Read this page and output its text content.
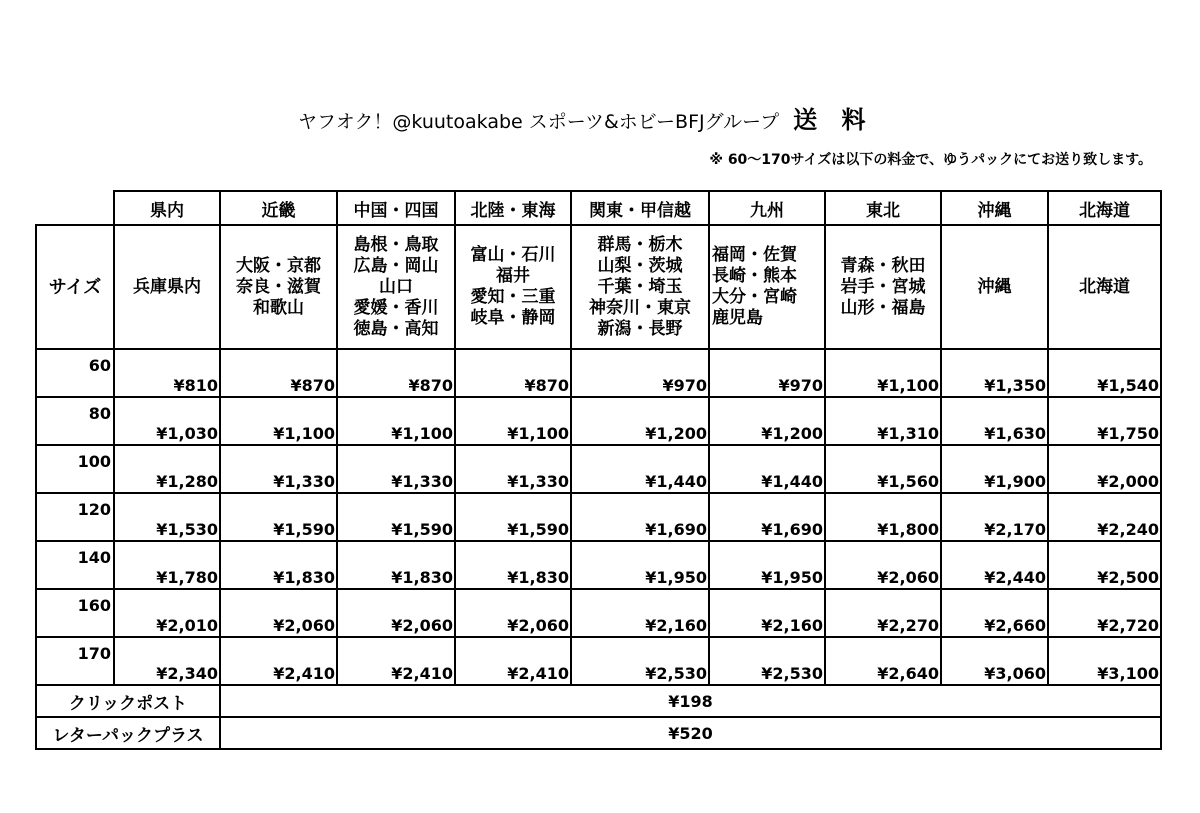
ヤフオク！@kuutoakabe スポーツ&ホビーBFJグループ 送 料
※ 60〜170サイズは以下の料金で、ゆうパックにてお送り致します。
	県内	近畿	中国・四国	北陸・東海	関東・甲信越	九州	東北	沖縄	北海道
サイズ	兵庫県内	大阪・京都
奈良・滋賀
和歌山	島根・鳥取
広島・岡山
山口
愛媛・香川
徳島・高知	富山・石川
福井
愛知・三重
岐阜・静岡	群馬・栃木
山梨・茨城
千葉・埼玉
神奈川・東京
新潟・長野	福岡・佐賀
長崎・熊本
大分・宮崎
鹿児島	青森・秋田
岩手・宮城
山形・福島	沖縄	北海道

60	¥810	¥870	¥870	¥870	¥970	¥970	¥1,100	¥1,350	¥1,540
80	¥1,030	¥1,100	¥1,100	¥1,100	¥1,200	¥1,200	¥1,310	¥1,630	¥1,750
100	¥1,280	¥1,330	¥1,330	¥1,330	¥1,440	¥1,440	¥1,560	¥1,900	¥2,000
120	¥1,530	¥1,590	¥1,590	¥1,590	¥1,690	¥1,690	¥1,800	¥2,170	¥2,240
140	¥1,780	¥1,830	¥1,830	¥1,830	¥1,950	¥1,950	¥2,060	¥2,440	¥2,500
160	¥2,010	¥2,060	¥2,060	¥2,060	¥2,160	¥2,160	¥2,270	¥2,660	¥2,720
170	¥2,340	¥2,410	¥2,410	¥2,410	¥2,530	¥2,530	¥2,640	¥3,060	¥3,100
クリックポスト		¥198							
レターパックプラス		¥520							
